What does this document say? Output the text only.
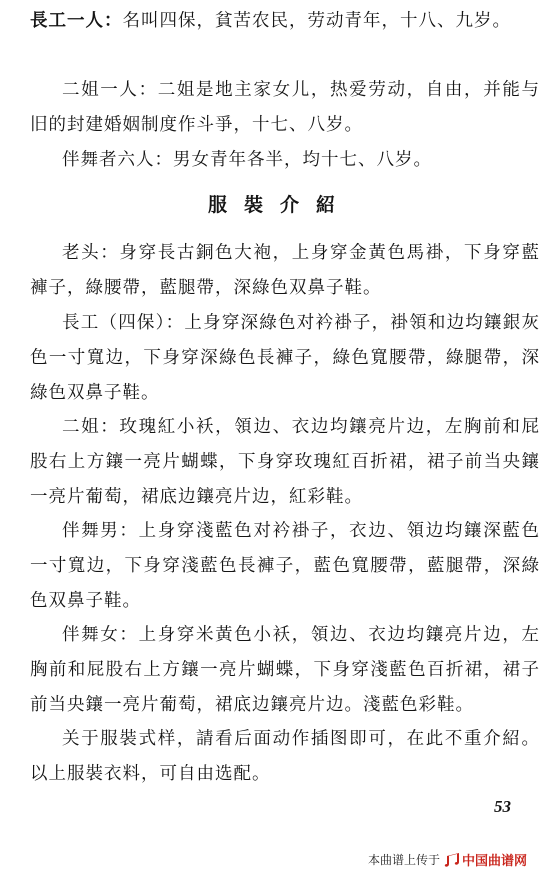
長工一人：名叫四保，貧苦农民，劳动青年，十八、九岁。

二姐一人：二姐是地主家女儿，热爱劳动，自由，并能与旧的封建婚姻制度作斗爭，十七、八岁。

伴舞者六人：男女青年各半，均十七、八岁。

服裝介紹

老头：身穿長古銅色大袍，上身穿金黃色馬褂，下身穿藍褲子，綠腰帶，藍腿帶，深綠色双鼻子鞋。

長工（四保）：上身穿深綠色对衿褂子，褂領和边均鑲銀灰色一寸寬边，下身穿深綠色長褲子，綠色寬腰帶，綠腿帶，深綠色双鼻子鞋。

二姐：玫瑰紅小袄，領边、衣边均鑲亮片边，左胸前和屁股右上方鑲一亮片蝴蝶，下身穿玫瑰紅百折裙，裙子前当央鑲一亮片葡萄，裙底边鑲亮片边，紅彩鞋。

伴舞男：上身穿淺藍色对衿褂子，衣边、領边均鑲深藍色一寸寬边，下身穿淺藍色長褲子，藍色寬腰帶，藍腿帶，深綠色双鼻子鞋。

伴舞女：上身穿米黃色小袄，領边、衣边均鑲亮片边，左胸前和屁股右上方鑲一亮片蝴蝶，下身穿淺藍色百折裙，裙子前当央鑲一亮片葡萄，裙底边鑲亮片边。淺藍色彩鞋。

关于服裝式样，請看后面动作插图即可，在此不重介紹。以上服裝衣料，可自由选配。

53
本曲谱上传于 中国曲谱网
